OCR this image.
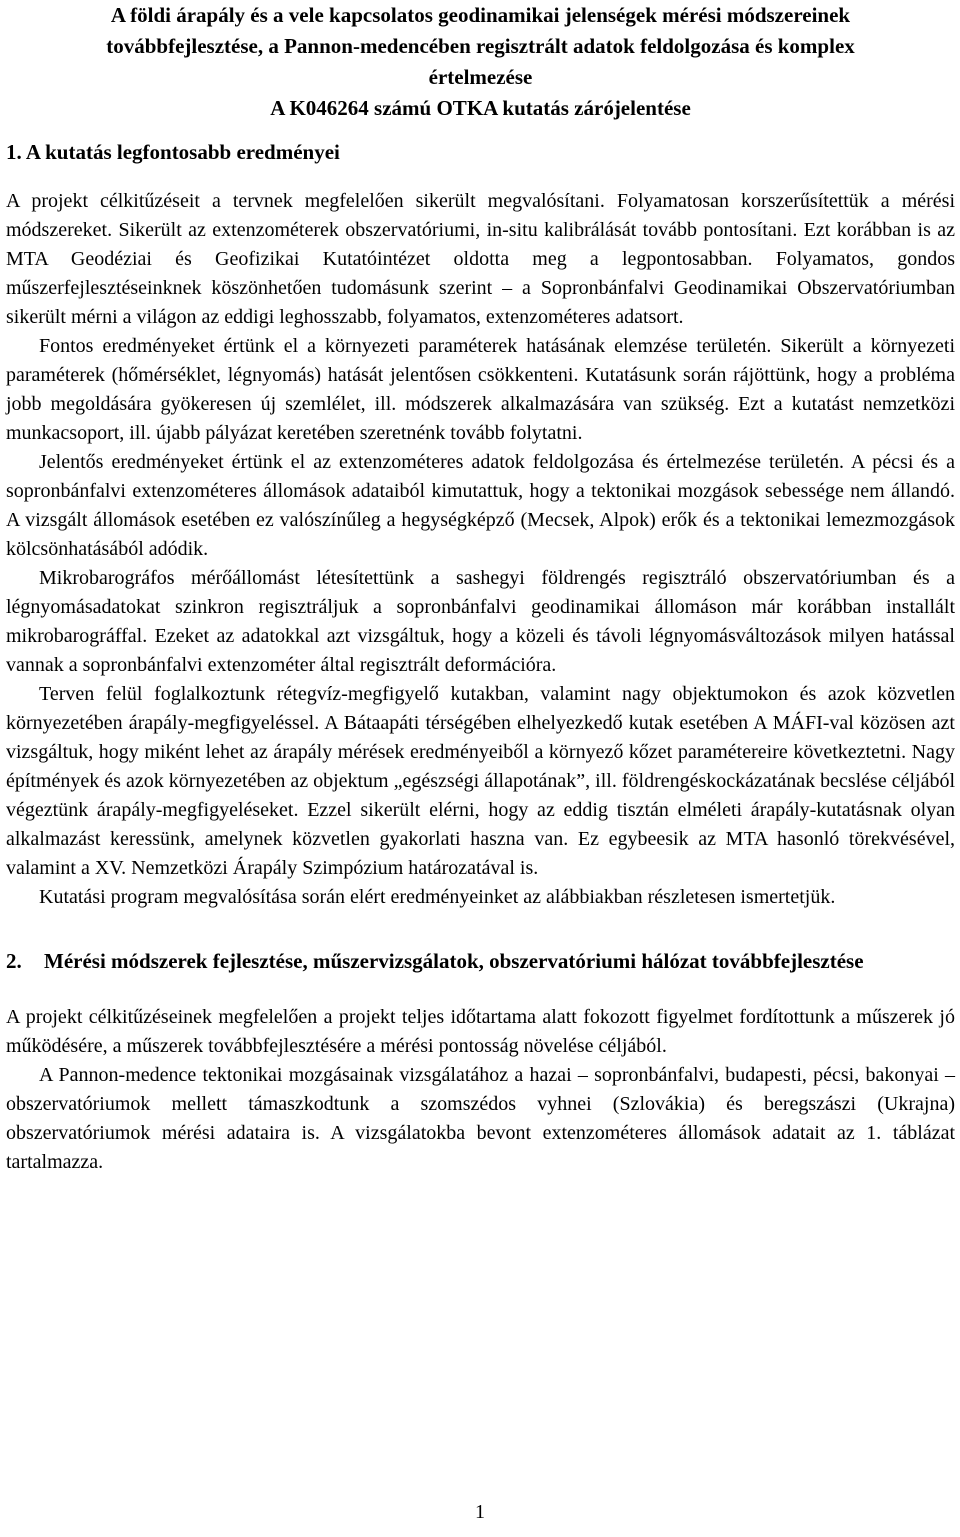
A földi árapály és a vele kapcsolatos geodinamikai jelenségek mérési módszereinek
továbbfejlesztése, a Pannon-medencében regisztrált adatok feldolgozása és komplex
értelmezése
A K046264 számú OTKA kutatás zárójelentése
1. A kutatás legfontosabb eredményei

A projekt célkitűzéseit a tervnek megfelelően sikerült megvalósítani. Folyamatosan korszerűsítettük a mérési módszereket. Sikerült az extenzométerek obszervatóriumi, in-situ kalibrálását tovább pontosítani. Ezt korábban is az MTA Geodéziai és Geofizikai Kutatóintézet oldotta meg a legpontosabban. Folyamatos, gondos műszerfejlesztéseinknek köszönhetően tudomásunk szerint – a Sopronbánfalvi Geodinamikai Obszervatóriumban sikerült mérni a világon az eddigi leghosszabb, folyamatos, extenzométeres adatsort.

Fontos eredményeket értünk el a környezeti paraméterek hatásának elemzése területén. Sikerült a környezeti paraméterek (hőmérséklet, légnyomás) hatását jelentősen csökkenteni. Kutatásunk során rájöttünk, hogy a probléma jobb megoldására gyökeresen új szemlélet, ill. módszerek alkalmazására van szükség. Ezt a kutatást nemzetközi munkacsoport, ill. újabb pályázat keretében szeretnénk tovább folytatni.

Jelentős eredményeket értünk el az extenzométeres adatok feldolgozása és értelmezése területén. A pécsi és a sopronbánfalvi extenzométeres állomások adataiból kimutattuk, hogy a tektonikai mozgások sebessége nem állandó. A vizsgált állomások esetében ez valószínűleg a hegységképző (Mecsek, Alpok) erők és a tektonikai lemezmozgások kölcsönhatásából adódik.

Mikrobarográfos mérőállomást létesítettünk a sashegyi földrengés regisztráló obszervatóriumban és a légnyomásadatokat szinkron regisztráljuk a sopronbánfalvi geodinamikai állomáson már korábban installált mikrobarográffal. Ezeket az adatokkal azt vizsgáltuk, hogy a közeli és távoli légnyomásváltozások milyen hatással vannak a sopronbánfalvi extenzométer által regisztrált deformációra.

Terven felül foglalkoztunk rétegvíz-megfigyelő kutakban, valamint nagy objektumokon és azok közvetlen környezetében árapály-megfigyeléssel. A Bátaapáti térségében elhelyezkedő kutak esetében A MÁFI-val közösen azt vizsgáltuk, hogy miként lehet az árapály mérések eredményeiből a környező kőzet paramétereire következtetni. Nagy építmények és azok környezetében az objektum „egészségi állapotának”, ill. földrengéskockázatának becslése céljából végeztünk árapály-megfigyeléseket. Ezzel sikerült elérni, hogy az eddig tisztán elméleti árapály-kutatásnak olyan alkalmazást keressünk, amelynek közvetlen gyakorlati haszna van. Ez egybeesik az MTA hasonló törekvésével, valamint a XV. Nemzetközi Árapály Szimpózium határozatával is.

Kutatási program megvalósítása során elért eredményeinket az alábbiakban részletesen ismertetjük.

2.	Mérési módszerek fejlesztése, műszervizsgálatok, obszervatóriumi hálózat továbbfejlesztése

A projekt célkitűzéseinek megfelelően a projekt teljes időtartama alatt fokozott figyelmet fordítottunk a műszerek jó működésére, a műszerek továbbfejlesztésére a mérési pontosság növelése céljából.

A Pannon-medence tektonikai mozgásainak vizsgálatához a hazai – sopronbánfalvi, budapesti, pécsi, bakonyai – obszervatóriumok mellett támaszkodtunk a szomszédos vyhnei (Szlovákia) és beregszászi (Ukrajna) obszervatóriumok mérési adataira is. A vizsgálatokba bevont extenzométeres állomások adatait az 1. táblázat tartalmazza.

1
